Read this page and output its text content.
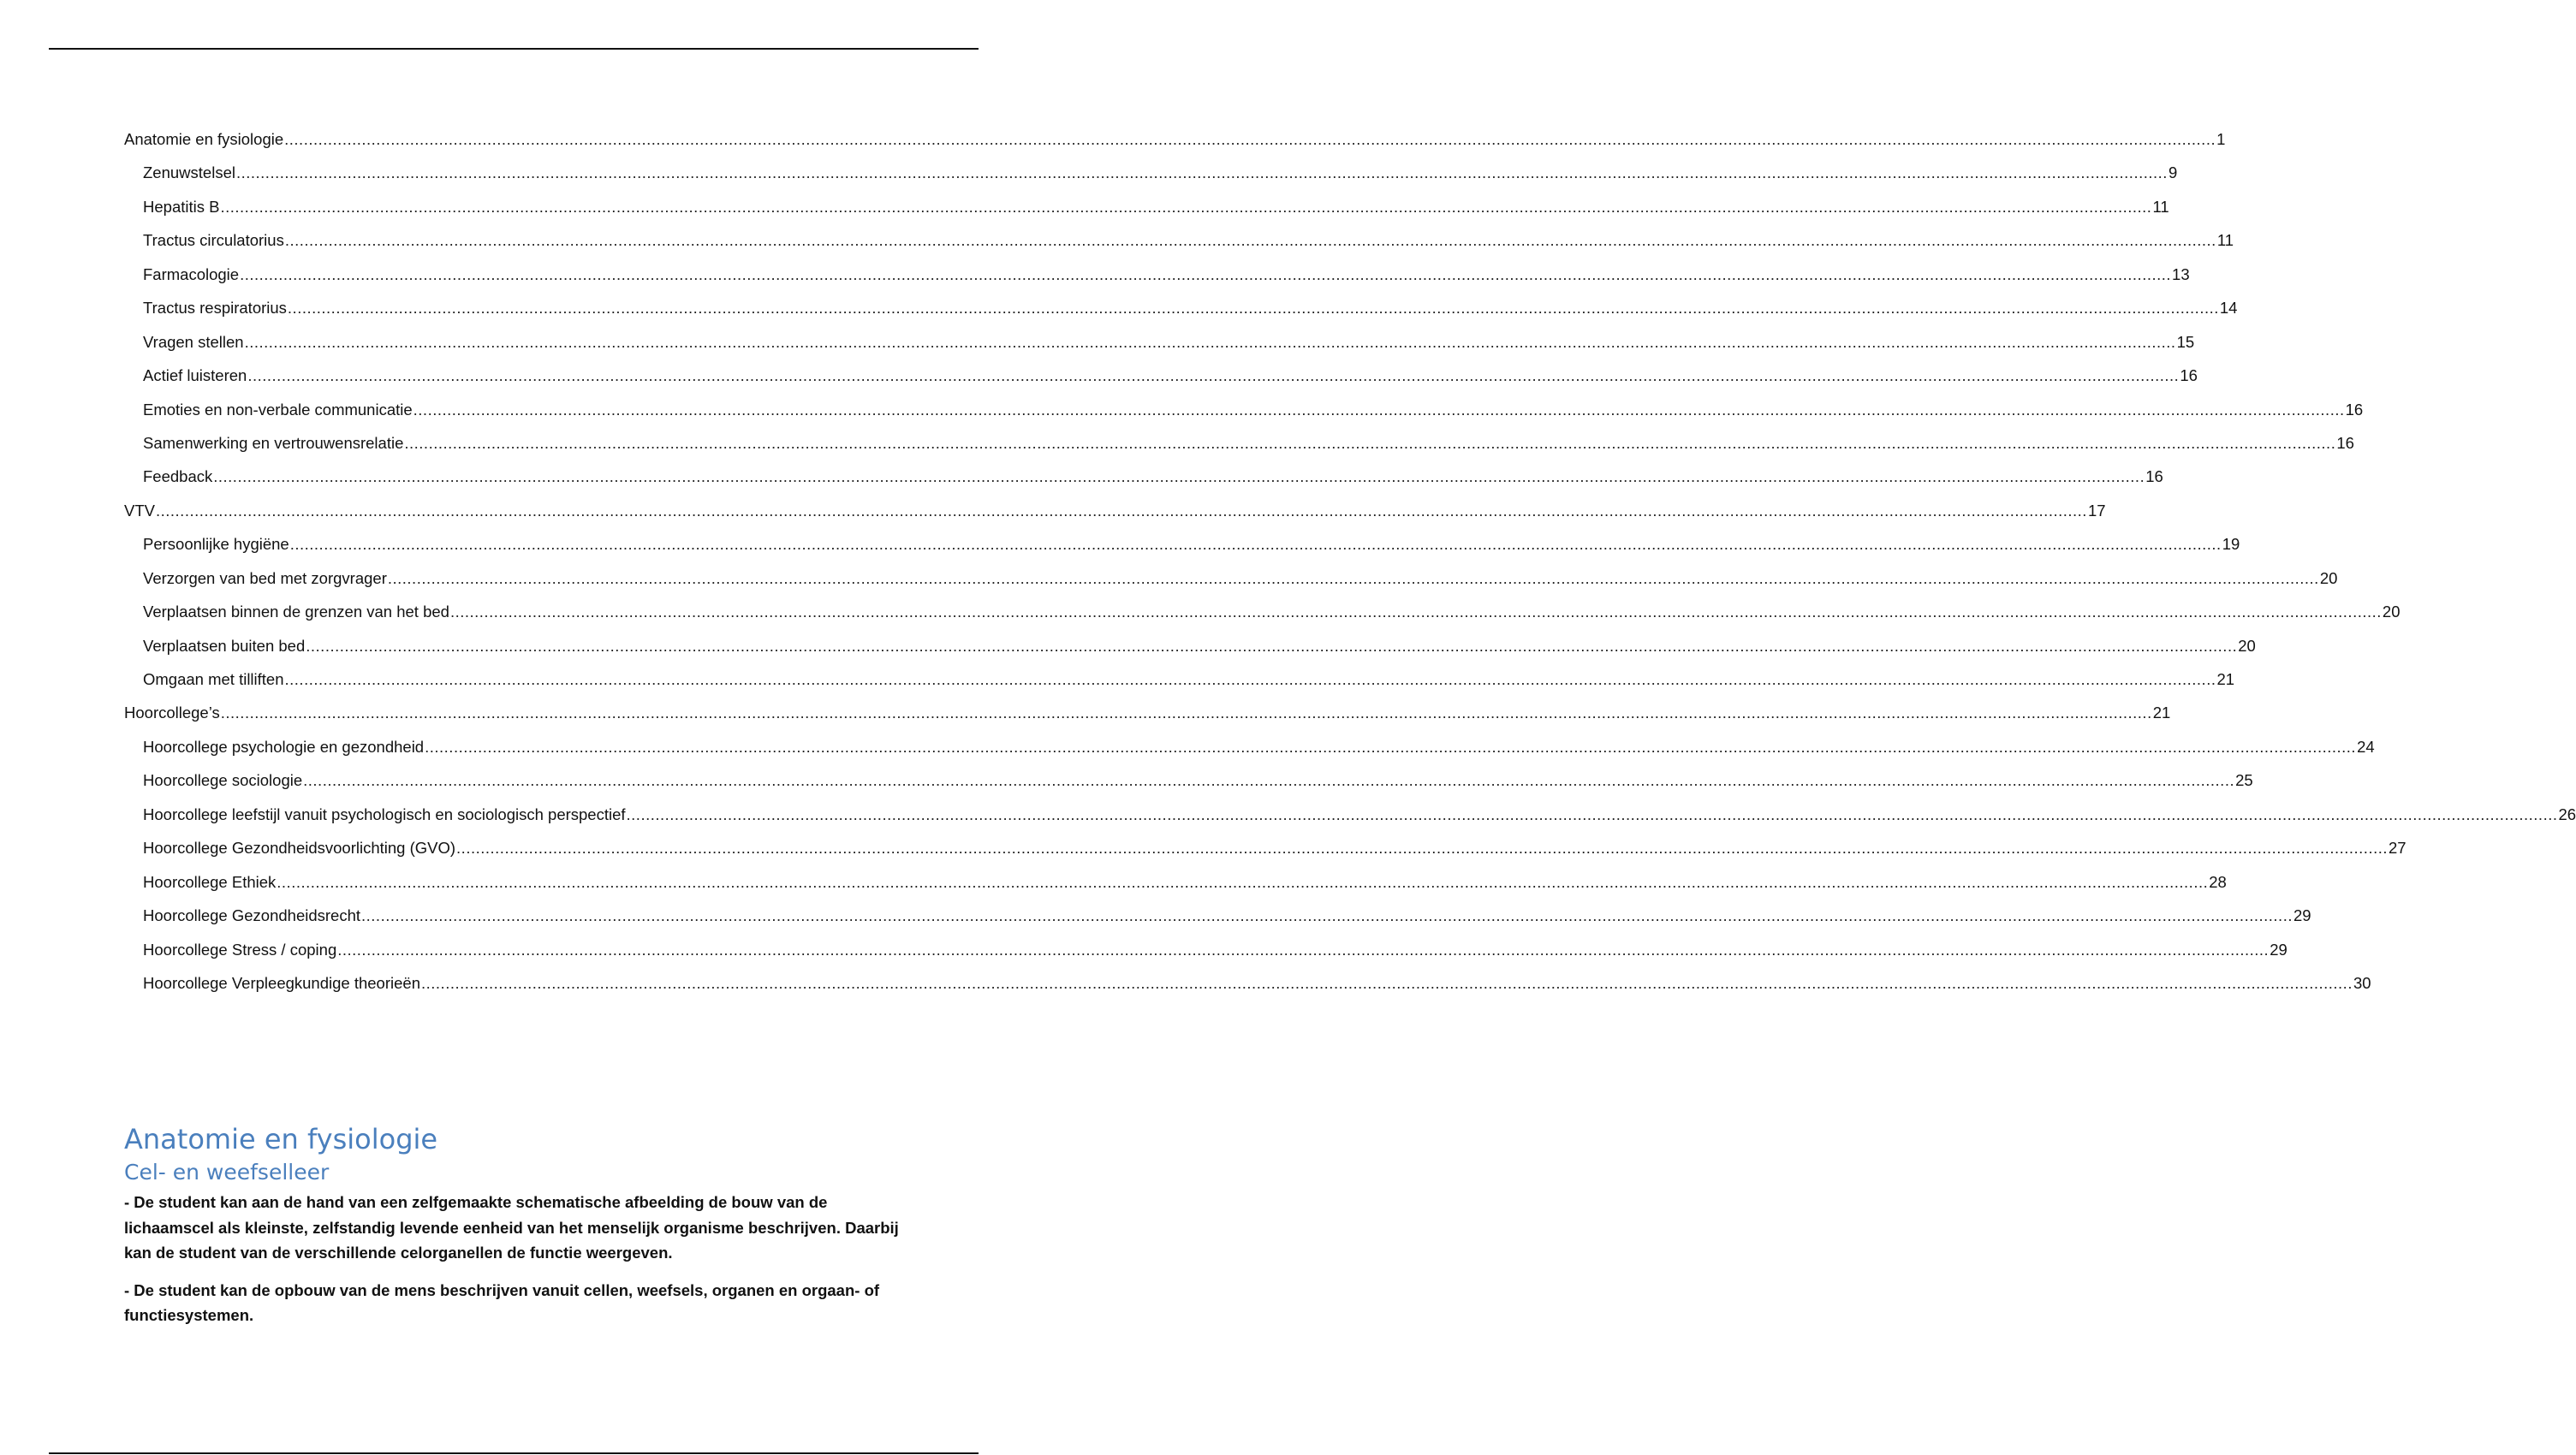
Anatomie en fysiologie ................................................................................................................................................................................................................................................................................................................................................................................................................ 1
Zenuwstelsel ................................................................................................................................................................................................................................................................................................................................................................................................................ 9
Hepatitis B ................................................................................................................................................................................................................................................................................................................................................................................................................ 11
Tractus circulatorius ................................................................................................................................................................................................................................................................................................................................................................................................................ 11
Farmacologie ................................................................................................................................................................................................................................................................................................................................................................................................................ 13
Tractus respiratorius ................................................................................................................................................................................................................................................................................................................................................................................................................ 14
Vragen stellen ................................................................................................................................................................................................................................................................................................................................................................................................................ 15
Actief luisteren ................................................................................................................................................................................................................................................................................................................................................................................................................ 16
Emoties en non-verbale communicatie ................................................................................................................................................................................................................................................................................................................................................................................................................ 16
Samenwerking en vertrouwensrelatie ................................................................................................................................................................................................................................................................................................................................................................................................................ 16
Feedback ................................................................................................................................................................................................................................................................................................................................................................................................................ 16
VTV ................................................................................................................................................................................................................................................................................................................................................................................................................ 17
Persoonlijke hygiëne ................................................................................................................................................................................................................................................................................................................................................................................................................ 19
Verzorgen van bed met zorgvrager ................................................................................................................................................................................................................................................................................................................................................................................................................ 20
Verplaatsen binnen de grenzen van het bed ................................................................................................................................................................................................................................................................................................................................................................................................................ 20
Verplaatsen buiten bed ................................................................................................................................................................................................................................................................................................................................................................................................................ 20
Omgaan met tilliften ................................................................................................................................................................................................................................................................................................................................................................................................................ 21
Hoorcollege’s ................................................................................................................................................................................................................................................................................................................................................................................................................ 21
Hoorcollege psychologie en gezondheid ................................................................................................................................................................................................................................................................................................................................................................................................................ 24
Hoorcollege sociologie ................................................................................................................................................................................................................................................................................................................................................................................................................ 25
Hoorcollege leefstijl vanuit psychologisch en sociologisch perspectief ................................................................................................................................................................................................................................................................................................................................................................................................................ 26
Hoorcollege Gezondheidsvoorlichting (GVO) ................................................................................................................................................................................................................................................................................................................................................................................................................ 27
Hoorcollege Ethiek ................................................................................................................................................................................................................................................................................................................................................................................................................ 28
Hoorcollege Gezondheidsrecht ................................................................................................................................................................................................................................................................................................................................................................................................................ 29
Hoorcollege Stress / coping ................................................................................................................................................................................................................................................................................................................................................................................................................ 29
Hoorcollege Verpleegkundige theorieën ................................................................................................................................................................................................................................................................................................................................................................................................................ 30
Anatomie en fysiologie
Cel- en weefselleer

- De student kan aan de hand van een zelfgemaakte schematische afbeelding de bouw van de lichaamscel als kleinste, zelfstandig levende eenheid van het menselijk organisme beschrijven. Daarbij kan de student van de verschillende celorganellen de functie weergeven.

- De student kan de opbouw van de mens beschrijven vanuit cellen, weefsels, organen en orgaan- of functiesystemen.
